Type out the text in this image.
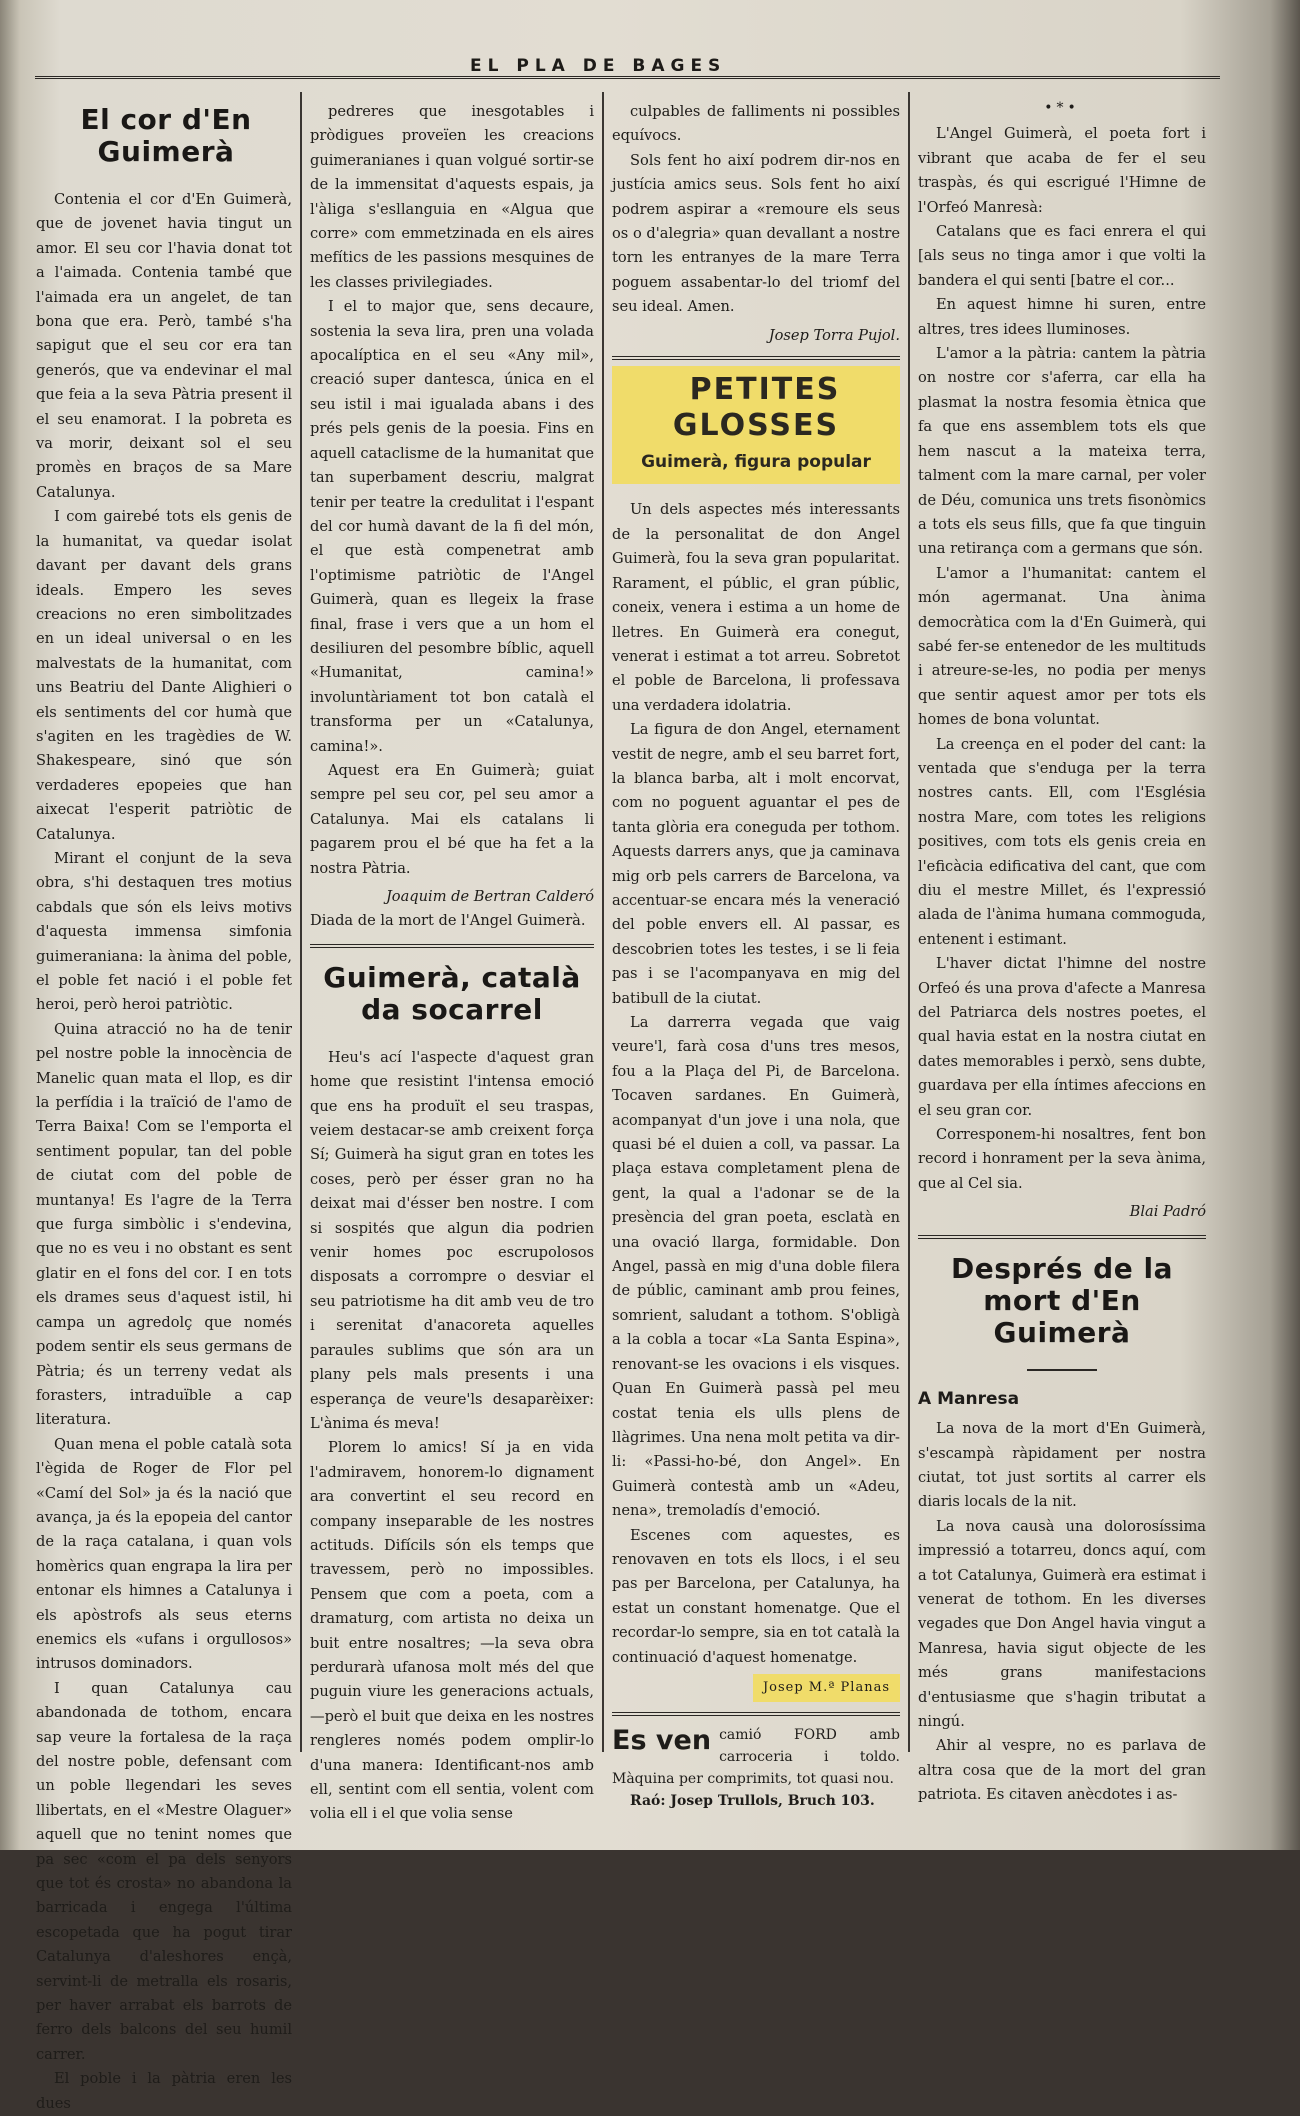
EL PLA DE BAGES
El cor d'En Guimerà

Contenia el cor d'En Guimerà, que de jovenet havia tingut un amor. El seu cor l'havia donat tot a l'aimada. Contenia també que l'aimada era un angelet, de tan bona que era. Però, també s'ha sapigut que el seu cor era tan generós, que va endevinar el mal que feia a la seva Pàtria present il el seu enamorat. I la pobreta es va morir, deixant sol el seu promès en braços de sa Mare Catalunya.

I com gairebé tots els genis de la humanitat, va quedar isolat davant per davant dels grans ideals. Empero les seves creacions no eren simbolitzades en un ideal universal o en les malvestats de la humanitat, com uns Beatriu del Dante Alighieri o els sentiments del cor humà que s'agiten en les tragèdies de W. Shakespeare, sinó que són verdaderes epopeies que han aixecat l'esperit patriòtic de Catalunya.

Mirant el conjunt de la seva obra, s'hi destaquen tres motius cabdals que són els leivs motivs d'aquesta immensa simfonia guimeraniana: la ànima del poble, el poble fet nació i el poble fet heroi, però heroi patriòtic.

Quina atracció no ha de tenir pel nostre poble la innocència de Manelic quan mata el llop, es dir la perfídia i la traïció de l'amo de Terra Baixa! Com se l'emporta el sentiment popular, tan del poble de ciutat com del poble de muntanya! Es l'agre de la Terra que furga simbòlic i s'endevina, que no es veu i no obstant es sent glatir en el fons del cor. I en tots els drames seus d'aquest istil, hi campa un agredolç que només podem sentir els seus germans de Pàtria; és un terreny vedat als forasters, intraduïble a cap literatura.

Quan mena el poble català sota l'ègida de Roger de Flor pel «Camí del Sol» ja és la nació que avança, ja és la epopeia del cantor de la raça catalana, i quan vols homèrics quan engrapa la lira per entonar els himnes a Catalunya i els apòstrofs als seus eterns enemics els «ufans i orgullosos» intrusos dominadors.

I quan Catalunya cau abandonada de tothom, encara sap veure la fortalesa de la raça del nostre poble, defensant com un poble llegendari les seves llibertats, en el «Mestre Olaguer» aquell que no tenint nomes que pa sec «com el pa dels senyors que tot és crosta» no abandona la barricada i engega l'última escopetada que ha pogut tirar Catalunya d'aleshores ençà, servint-li de metralla els rosaris, per haver arrabat els barrots de ferro dels balcons del seu humil carrer.

El poble i la pàtria eren les dues

pedreres que inesgotables i pròdigues proveïen les creacions guimeranianes i quan volgué sortir-se de la immensitat d'aquests espais, ja l'àliga s'esllanguia en «Algua que corre» com emmetzinada en els aires mefítics de les passions mesquines de les classes privilegiades.

I el to major que, sens decaure, sostenia la seva lira, pren una volada apocalíptica en el seu «Any mil», creació super dantesca, única en el seu istil i mai igualada abans i des prés pels genis de la poesia. Fins en aquell cataclisme de la humanitat que tan superbament descriu, malgrat tenir per teatre la credulitat i l'espant del cor humà davant de la fi del món, el que està compenetrat amb l'optimisme patriòtic de l'Angel Guimerà, quan es llegeix la frase final, frase i vers que a un hom el desiliuren del pesombre bíblic, aquell «Humanitat, camina!» involuntàriament tot bon català el transforma per un «Catalunya, camina!».

Aquest era En Guimerà; guiat sempre pel seu cor, pel seu amor a Catalunya. Mai els catalans li pagarem prou el bé que ha fet a la nostra Pàtria.

Joaquim de Bertran Calderó

Diada de la mort de l'Angel Guimerà.

Guimerà, català da socarrel

Heu's ací l'aspecte d'aquest gran home que resistint l'intensa emoció que ens ha produït el seu traspas, veiem destacar-se amb creixent força Sí; Guimerà ha sigut gran en totes les coses, però per ésser gran no ha deixat mai d'ésser ben nostre. I com si sospités que algun dia podrien venir homes poc escrupolosos disposats a corrompre o desviar el seu patriotisme ha dit amb veu de tro i serenitat d'anacoreta aquelles paraules sublims que són ara un plany pels mals presents i una esperança de veure'ls desaparèixer: L'ànima és meva!

Plorem lo amics! Sí ja en vida l'admiravem, honorem-lo dignament ara convertint el seu record en company inseparable de les nostres actituds. Difícils són els temps que travessem, però no impossibles. Pensem que com a poeta, com a dramaturg, com artista no deixa un buit entre nosaltres; —la seva obra perdurarà ufanosa molt més del que puguin viure les generacions actuals, —però el buit que deixa en les nostres rengleres només podem omplir-lo d'una manera: Identificant-nos amb ell, sentint com ell sentia, volent com volia ell i el que volia sense

culpables de falliments ni possibles equívocs.

Sols fent ho així podrem dir-nos en justícia amics seus. Sols fent ho així podrem aspirar a «remoure els seus os o d'alegria» quan devallant a nostre torn les entranyes de la mare Terra poguem assabentar-lo del triomf del seu ideal. Amen.

Josep Torra Pujol.

PETITES GLOSSES

Guimerà, figura popular

Un dels aspectes més interessants de la personalitat de don Angel Guimerà, fou la seva gran popularitat. Rarament, el públic, el gran públic, coneix, venera i estima a un home de lletres. En Guimerà era conegut, venerat i estimat a tot arreu. Sobretot el poble de Barcelona, li professava una verdadera idolatria.

La figura de don Angel, eternament vestit de negre, amb el seu barret fort, la blanca barba, alt i molt encorvat, com no poguent aguantar el pes de tanta glòria era coneguda per tothom. Aquests darrers anys, que ja caminava mig orb pels carrers de Barcelona, va accentuar-se encara més la veneració del poble envers ell. Al passar, es descobrien totes les testes, i se li feia pas i se l'acompanyava en mig del batibull de la ciutat.

La darrerra vegada que vaig veure'l, farà cosa d'uns tres mesos, fou a la Plaça del Pi, de Barcelona. Tocaven sardanes. En Guimerà, acompanyat d'un jove i una nola, que quasi bé el duien a coll, va passar. La plaça estava completament plena de gent, la qual a l'adonar se de la presència del gran poeta, esclatà en una ovació llarga, formidable. Don Angel, passà en mig d'una doble filera de públic, caminant amb prou feines, somrient, saludant a tothom. S'obligà a la cobla a tocar «La Santa Espina», renovant-se les ovacions i els visques. Quan En Guimerà passà pel meu costat tenia els ulls plens de llàgrimes. Una nena molt petita va dir-li: «Passi-ho-bé, don Angel». En Guimerà contestà amb un «Adeu, nena», tremoladís d'emoció.

Escenes com aquestes, es renovaven en tots els llocs, i el seu pas per Barcelona, per Catalunya, ha estat un constant homenatge. Que el recordar-lo sempre, sia en tot català la continuació d'aquest homenatge.

Josep M.ª Planas

Es ven camió FORD amb carroceria i toldo. Màquina per comprimits, tot quasi nou.
Raó: Josep Trullols, Bruch 103.
•*•

L'Angel Guimerà, el poeta fort i vibrant que acaba de fer el seu traspàs, és qui escrigué l'Himne de l'Orfeó Manresà:

Catalans que es faci enrera el qui [als seus no tinga amor i que volti la bandera el qui senti [batre el cor...

En aquest himne hi suren, entre altres, tres idees lluminoses.

L'amor a la pàtria: cantem la pàtria on nostre cor s'aferra, car ella ha plasmat la nostra fesomia ètnica que fa que ens assemblem tots els que hem nascut a la mateixa terra, talment com la mare carnal, per voler de Déu, comunica uns trets fisonòmics a tots els seus fills, que fa que tinguin una retirança com a germans que són.

L'amor a l'humanitat: cantem el món agermanat. Una ànima democràtica com la d'En Guimerà, qui sabé fer-se entenedor de les multituds i atreure-se-les, no podia per menys que sentir aquest amor per tots els homes de bona voluntat.

La creença en el poder del cant: la ventada que s'enduga per la terra nostres cants. Ell, com l'Església nostra Mare, com totes les religions positives, com tots els genis creia en l'eficàcia edificativa del cant, que com diu el mestre Millet, és l'expressió alada de l'ànima humana commoguda, entenent i estimant.

L'haver dictat l'himne del nostre Orfeó és una prova d'afecte a Manresa del Patriarca dels nostres poetes, el qual havia estat en la nostra ciutat en dates memorables i perxò, sens dubte, guardava per ella íntimes afeccions en el seu gran cor.

Corresponem-hi nosaltres, fent bon record i honrament per la seva ànima, que al Cel sia.

Blai Padró

Després de la mort d'En Guimerà
A Manresa

La nova de la mort d'En Guimerà, s'escampà ràpidament per nostra ciutat, tot just sortits al carrer els diaris locals de la nit.

La nova causà una dolorosíssima impressió a totarreu, doncs aquí, com a tot Catalunya, Guimerà era estimat i venerat de tothom. En les diverses vegades que Don Angel havia vingut a Manresa, havia sigut objecte de les més grans manifestacions d'entusiasme que s'hagin tributat a ningú.

Ahir al vespre, no es parlava de altra cosa que de la mort del gran patriota. Es citaven anècdotes i as-
